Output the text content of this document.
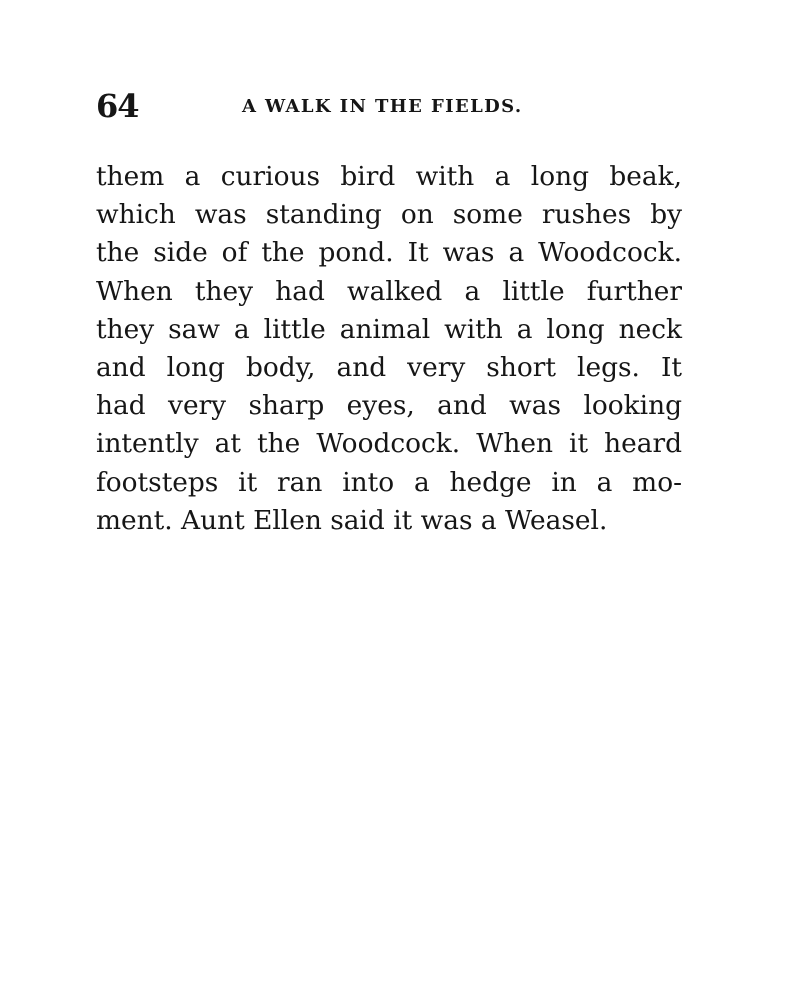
64	A WALK IN THE FIELDS.
them a curious bird with a long beak,
which was standing on some rushes by
the side of the pond. It was a Woodcock.
When they had walked a little further
they saw a little animal with a long neck
and long body, and very short legs. It
had very sharp eyes, and was looking
intently at the Woodcock. When it heard
footsteps it ran into a hedge in a mo-
ment. Aunt Ellen said it was a Weasel.
